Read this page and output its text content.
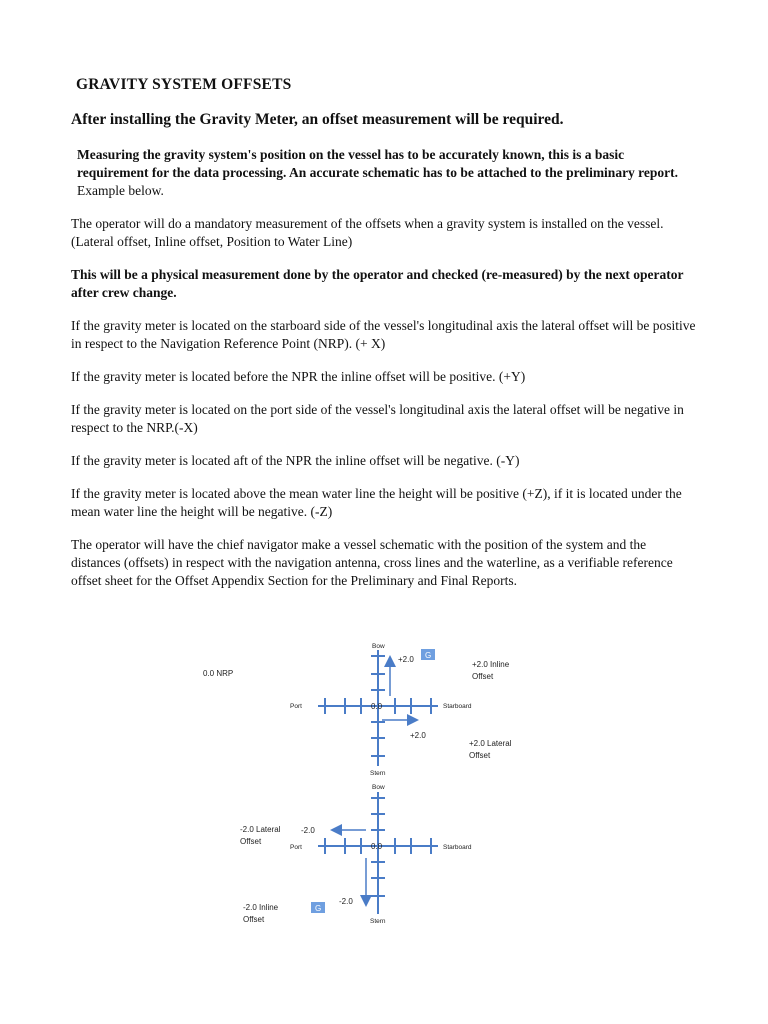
GRAVITY SYSTEM OFFSETS
After installing the Gravity Meter, an offset measurement will be required.

Measuring the gravity system's position on the vessel has to be accurately known, this is a basic requirement for the data processing. An accurate schematic has to be attached to the preliminary report. Example below.

The operator will do a mandatory measurement of the offsets when a gravity system is installed on the vessel. (Lateral offset, Inline offset, Position to Water Line)

This will be a physical measurement done by the operator and checked (re-measured) by the next operator after crew change.

If the gravity meter is located on the starboard side of the vessel's longitudinal axis the lateral offset will be positive in respect to the Navigation Reference Point (NRP). (+ X)

If the gravity meter is located before the NPR the inline offset will be positive. (+Y)

If the gravity meter is located on the port side of the vessel's longitudinal axis the lateral offset will be negative in respect to the NRP.(-X)

If the gravity meter is located aft of the NPR the inline offset will be negative. (-Y)

If the gravity meter is located above the mean water line the height will be positive (+Z), if it is located under the mean water line the height will be negative. (-Z)

The operator will have the chief navigator make a vessel schematic with the position of the system and the distances (offsets) in respect with the navigation antenna, cross lines and the waterline, as a verifiable reference offset sheet for the Offset Appendix Section for the Preliminary and Final Reports.

0.0 NRP
Bow
Stern
Port	Starboard
0.0
+2.0
+2.0
G
+2.0 Inline
Offset
+2.0 Lateral
Offset
Bow
Stern
Port	Starboard
0.0
-2.0
-2.0
-2.0 Lateral
Offset
-2.0 Inline
Offset
G
